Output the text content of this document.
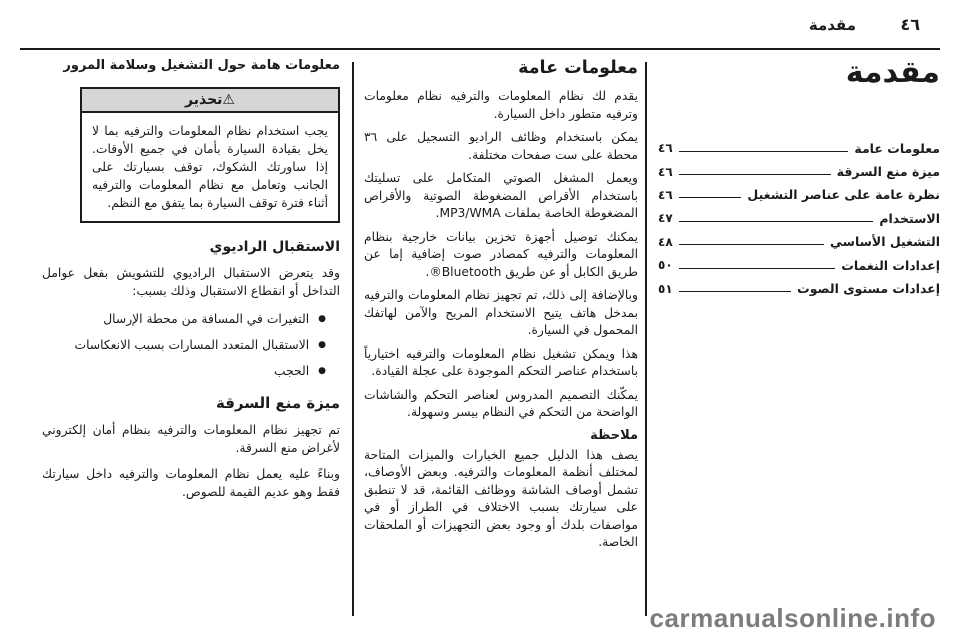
مقدمة	٤٦
مقدمة
معلومات عامة
٤٦
ميزة منع السرقة
٤٦
نظرة عامة على عناصر التشغيل
٤٦
الاستخدام
٤٧
التشغيل الأساسي
٤٨
إعدادات النغمات
٥٠
إعدادات مستوى الصوت
٥١
معلومات عامة

يقدم لك نظام المعلومات والترفيه نظام معلومات وترفيه متطور داخل السيارة.

يمكن باستخدام وظائف الراديو التسجيل على ٣٦ محطة على ست صفحات مختلفة.

ويعمل المشغل الصوتي المتكامل على تسليتك باستخدام الأقراص المضغوطة الصوتية والأقراص المضغوطة الخاصة بملفات MP3/WMA.

يمكنك توصيل أجهزة تخزين بيانات خارجية بنظام المعلومات والترفيه كمصادر صوت إضافية إما عن طريق الكابل أو عن طريق Bluetooth®.

وبالإضافة إلى ذلك، تم تجهيز نظام المعلومات والترفيه بمدخل هاتف يتيح الاستخدام المريح والآمن لهاتفك المحمول في السيارة.

هذا ويمكن تشغيل نظام المعلومات والترفيه اختيارياً باستخدام عناصر التحكم الموجودة على عجلة القيادة.

يمكّنك التصميم المدروس لعناصر التحكم والشاشات الواضحة من التحكم في النظام بيسر وسهولة.

ملاحظة

يصف هذا الدليل جميع الخيارات والميزات المتاحة لمختلف أنظمة المعلومات والترفيه. وبعض الأوصاف، تشمل أوصاف الشاشة ووظائف القائمة، قد لا تنطبق على سيارتك بسبب الاختلاف في الطراز أو في مواصفات بلدك أو وجود بعض التجهيزات أو الملحقات الخاصة.

معلومات هامة حول التشغيل وسلامة المرور
⚠تحذير
يجب استخدام نظام المعلومات والترفيه بما لا يخل بقيادة السيارة بأمان في جميع الأوقات. إذا ساورتك الشكوك، توقف بسيارتك على الجانب وتعامل مع نظام المعلومات والترفيه أثناء فترة توقف السيارة بما يتفق مع النظم.
الاستقبال الراديوي

وقد يتعرض الاستقبال الراديوي للتشويش بفعل عوامل التداخل أو انقطاع الاستقبال وذلك بسبب:

●
التغيرات في المسافة من محطة الإرسال
●
الاستقبال المتعدد المسارات بسبب الانعكاسات
●
الحجب
ميزة منع السرقة

تم تجهيز نظام المعلومات والترفيه بنظام أمان إلكتروني لأغراض منع السرقة.

وبناءً عليه يعمل نظام المعلومات والترفيه داخل سيارتك فقط وهو عديم القيمة للصوص.

carmanualsonline.info
